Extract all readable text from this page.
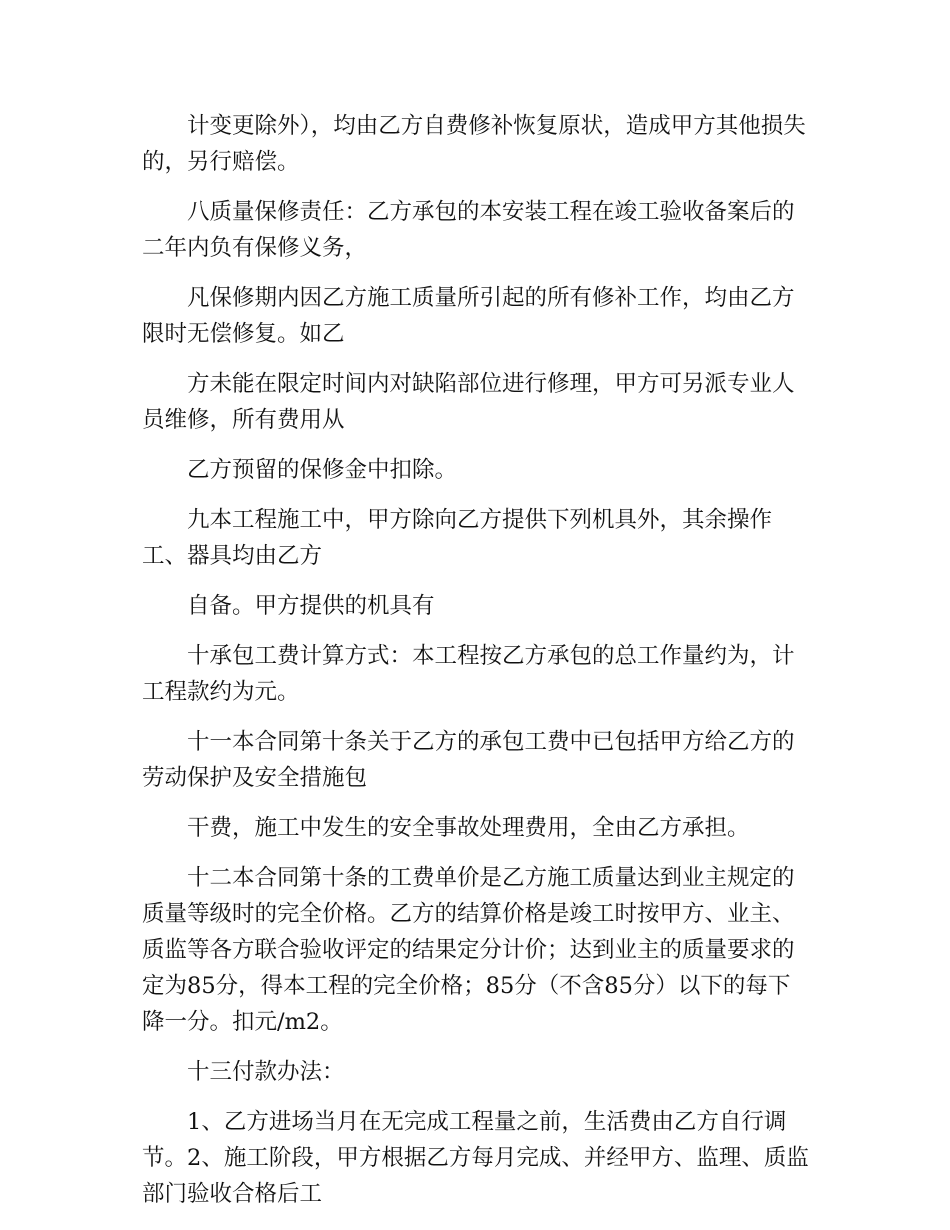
计变更除外），均由乙方自费修补恢复原状，造成甲方其他损失的，另行赔偿。

八质量保修责任：乙方承包的本安装工程在竣工验收备案后的二年内负有保修义务，

凡保修期内因乙方施工质量所引起的所有修补工作，均由乙方限时无偿修复。如乙

方未能在限定时间内对缺陷部位进行修理，甲方可另派专业人员维修，所有费用从

乙方预留的保修金中扣除。

九本工程施工中，甲方除向乙方提供下列机具外，其余操作工、器具均由乙方

自备。甲方提供的机具有

十承包工费计算方式：本工程按乙方承包的总工作量约为，计工程款约为元。

十一本合同第十条关于乙方的承包工费中已包括甲方给乙方的劳动保护及安全措施包

干费，施工中发生的安全事故处理费用，全由乙方承担。

十二本合同第十条的工费单价是乙方施工质量达到业主规定的质量等级时的完全价格。乙方的结算价格是竣工时按甲方、业主、质监等各方联合验收评定的结果定分计价；达到业主的质量要求的定为85分，得本工程的完全价格；85分（不含85分）以下的每下降一分。扣元/m2。

十三付款办法：

1、乙方进场当月在无完成工程量之前，生活费由乙方自行调节。2、施工阶段，甲方根据乙方每月完成、并经甲方、监理、质监部门验收合格后工
